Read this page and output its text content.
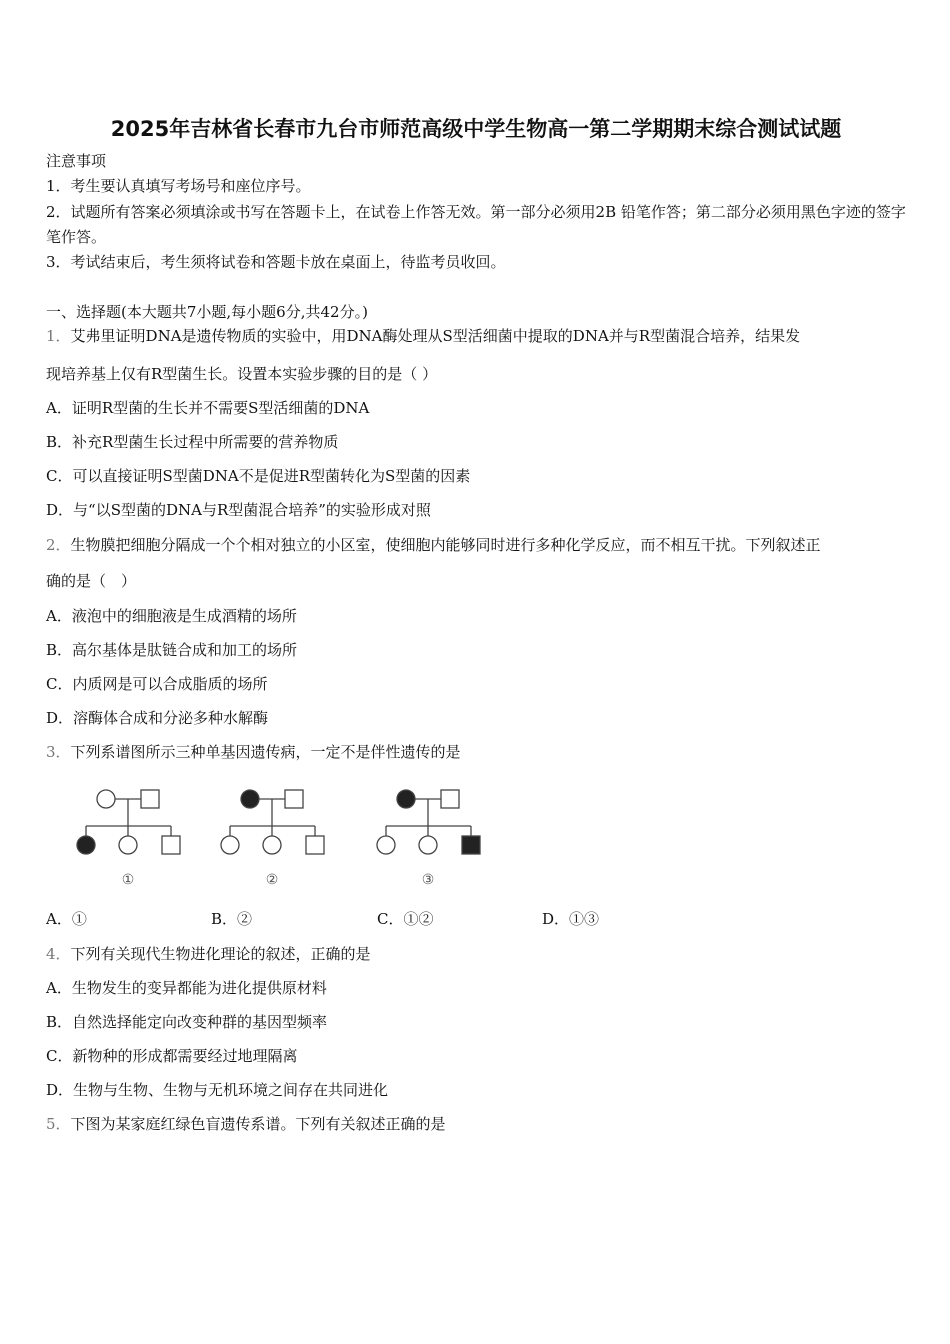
2025年吉林省长春市九台市师范高级中学生物高一第二学期期末综合测试试题
注意事项
1．考生要认真填写考场号和座位序号。
2．试题所有答案必须填涂或书写在答题卡上，在试卷上作答无效。第一部分必须用2B 铅笔作答；第二部分必须用黑色字迹的签字笔作答。
3．考试结束后，考生须将试卷和答题卡放在桌面上，待监考员收回。
一、选择题(本大题共7小题,每小题6分,共42分。)
1．艾弗里证明DNA是遗传物质的实验中，用DNA酶处理从S型活细菌中提取的DNA并与R型菌混合培养，结果发
现培养基上仅有R型菌生长。设置本实验步骤的目的是（ ）
A．证明R型菌的生长并不需要S型活细菌的DNA
B．补充R型菌生长过程中所需要的营养物质
C．可以直接证明S型菌DNA不是促进R型菌转化为S型菌的因素
D．与“以S型菌的DNA与R型菌混合培养”的实验形成对照
2．生物膜把细胞分隔成一个个相对独立的小区室，使细胞内能够同时进行多种化学反应，而不相互干扰。下列叙述正
确的是（　）
A．液泡中的细胞液是生成酒精的场所
B．高尔基体是肽链合成和加工的场所
C．内质网是可以合成脂质的场所
D．溶酶体合成和分泌多种水解酶
3．下列系谱图所示三种单基因遗传病，一定不是伴性遗传的是
①	②	③
A．①	B．②	C．①②	D．①③
4．下列有关现代生物进化理论的叙述，正确的是
A．生物发生的变异都能为进化提供原材料
B．自然选择能定向改变种群的基因型频率
C．新物种的形成都需要经过地理隔离
D．生物与生物、生物与无机环境之间存在共同进化
5．下图为某家庭红绿色盲遗传系谱。下列有关叙述正确的是
